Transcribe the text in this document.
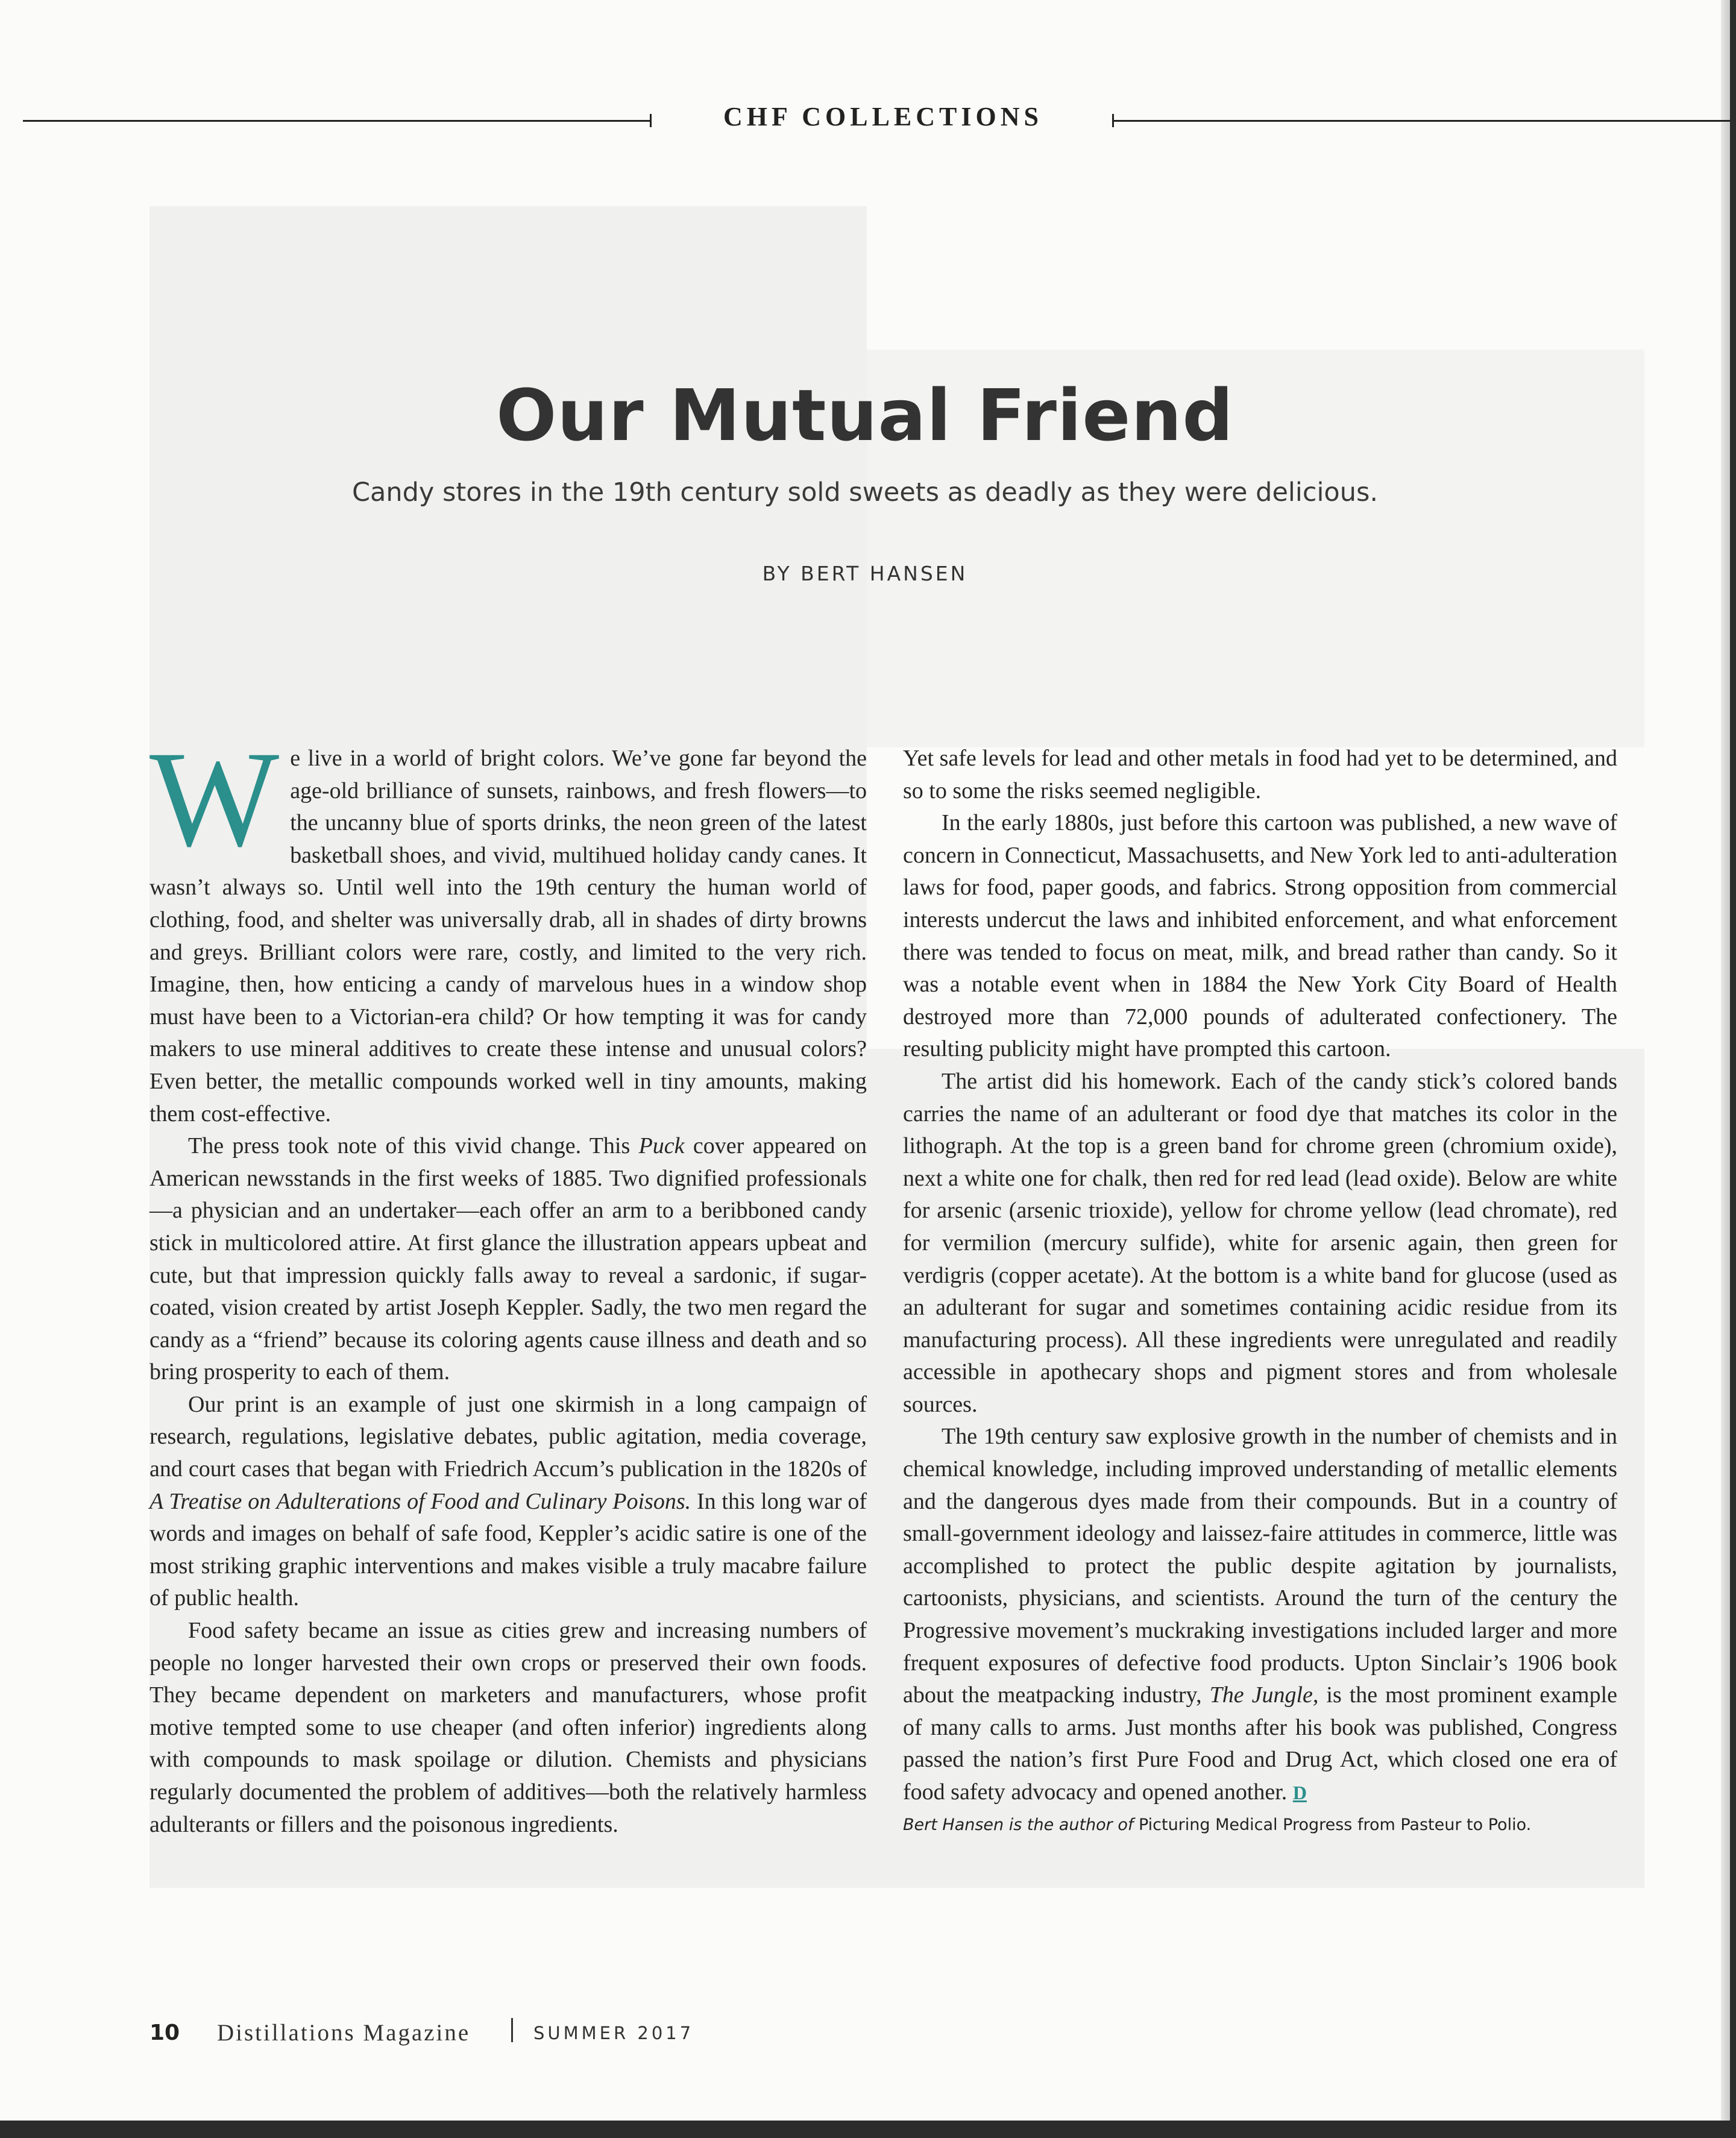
CHF COLLECTIONS
Our Mutual Friend
Candy stores in the 19th century sold sweets as deadly as they were delicious.
BY BERT HANSEN

We live in a world of bright colors. We’ve gone far beyond the age-old brilliance of sunsets, rainbows, and fresh flowers—to the uncanny blue of sports drinks, the neon green of the latest basketball shoes, and vivid, multihued holiday candy canes. It wasn’t always so. Until well into the 19th century the human world of clothing, food, and shelter was universally drab, all in shades of dirty browns and greys. Brilliant colors were rare, costly, and limited to the very rich. Imagine, then, how enticing a candy of marvelous hues in a window shop must have been to a Victorian-era child? Or how tempting it was for candy makers to use mineral additives to create these intense and unusual colors? Even better, the metallic compounds worked well in tiny amounts, making them cost-effective.

The press took note of this vivid change. This Puck cover appeared on American newsstands in the first weeks of 1885. Two dignified professionals—a physician and an undertaker—each offer an arm to a beribboned candy stick in multicolored attire. At first glance the illustration appears upbeat and cute, but that impression quickly falls away to reveal a sardonic, if sugar-coated, vision created by artist Joseph Keppler. Sadly, the two men regard the candy as a “friend” because its coloring agents cause illness and death and so bring prosperity to each of them.

Our print is an example of just one skirmish in a long campaign of research, regulations, legislative debates, public agitation, media coverage, and court cases that began with Friedrich Accum’s publication in the 1820s of A Treatise on Adulterations of Food and Culinary Poisons. In this long war of words and images on behalf of safe food, Keppler’s acidic satire is one of the most striking graphic interventions and makes visible a truly macabre failure of public health.

Food safety became an issue as cities grew and increasing numbers of people no longer harvested their own crops or preserved their own foods. They became dependent on marketers and manufacturers, whose profit motive tempted some to use cheaper (and often inferior) ingredients along with compounds to mask spoilage or dilution. Chemists and physicians regularly documented the problem of additives—both the relatively harmless adulterants or fillers and the poisonous ingredients.

Yet safe levels for lead and other metals in food had yet to be determined, and so to some the risks seemed negligible.

In the early 1880s, just before this cartoon was published, a new wave of concern in Connecticut, Massachusetts, and New York led to anti-adulteration laws for food, paper goods, and fabrics. Strong opposition from commercial interests undercut the laws and inhibited enforcement, and what enforcement there was tended to focus on meat, milk, and bread rather than candy. So it was a notable event when in 1884 the New York City Board of Health destroyed more than 72,000 pounds of adulterated confectionery. The resulting publicity might have prompted this cartoon.

The artist did his homework. Each of the candy stick’s colored bands carries the name of an adulterant or food dye that matches its color in the lithograph. At the top is a green band for chrome green (chromium oxide), next a white one for chalk, then red for red lead (lead oxide). Below are white for arsenic (arsenic trioxide), yellow for chrome yellow (lead chromate), red for vermilion (mercury sulfide), white for arsenic again, then green for verdigris (copper acetate). At the bottom is a white band for glucose (used as an adulterant for sugar and sometimes containing acidic residue from its manufacturing process). All these ingredients were unregulated and readily accessible in apothecary shops and pigment stores and from wholesale sources.

The 19th century saw explosive growth in the number of chemists and in chemical knowledge, including improved understanding of metallic elements and the dangerous dyes made from their compounds. But in a country of small-government ideology and laissez-faire attitudes in commerce, little was accomplished to protect the public despite agitation by journalists, cartoonists, physicians, and scientists. Around the turn of the century the Progressive movement’s muckraking investigations included larger and more frequent exposures of defective food products. Upton Sinclair’s 1906 book about the meatpacking industry, The Jungle, is the most prominent example of many calls to arms. Just months after his book was published, Congress passed the nation’s first Pure Food and Drug Act, which closed one era of food safety advocacy and opened another. D

Bert Hansen is the author of Picturing Medical Progress from Pasteur to Polio.

10 Distillations Magazine	SUMMER 2017
